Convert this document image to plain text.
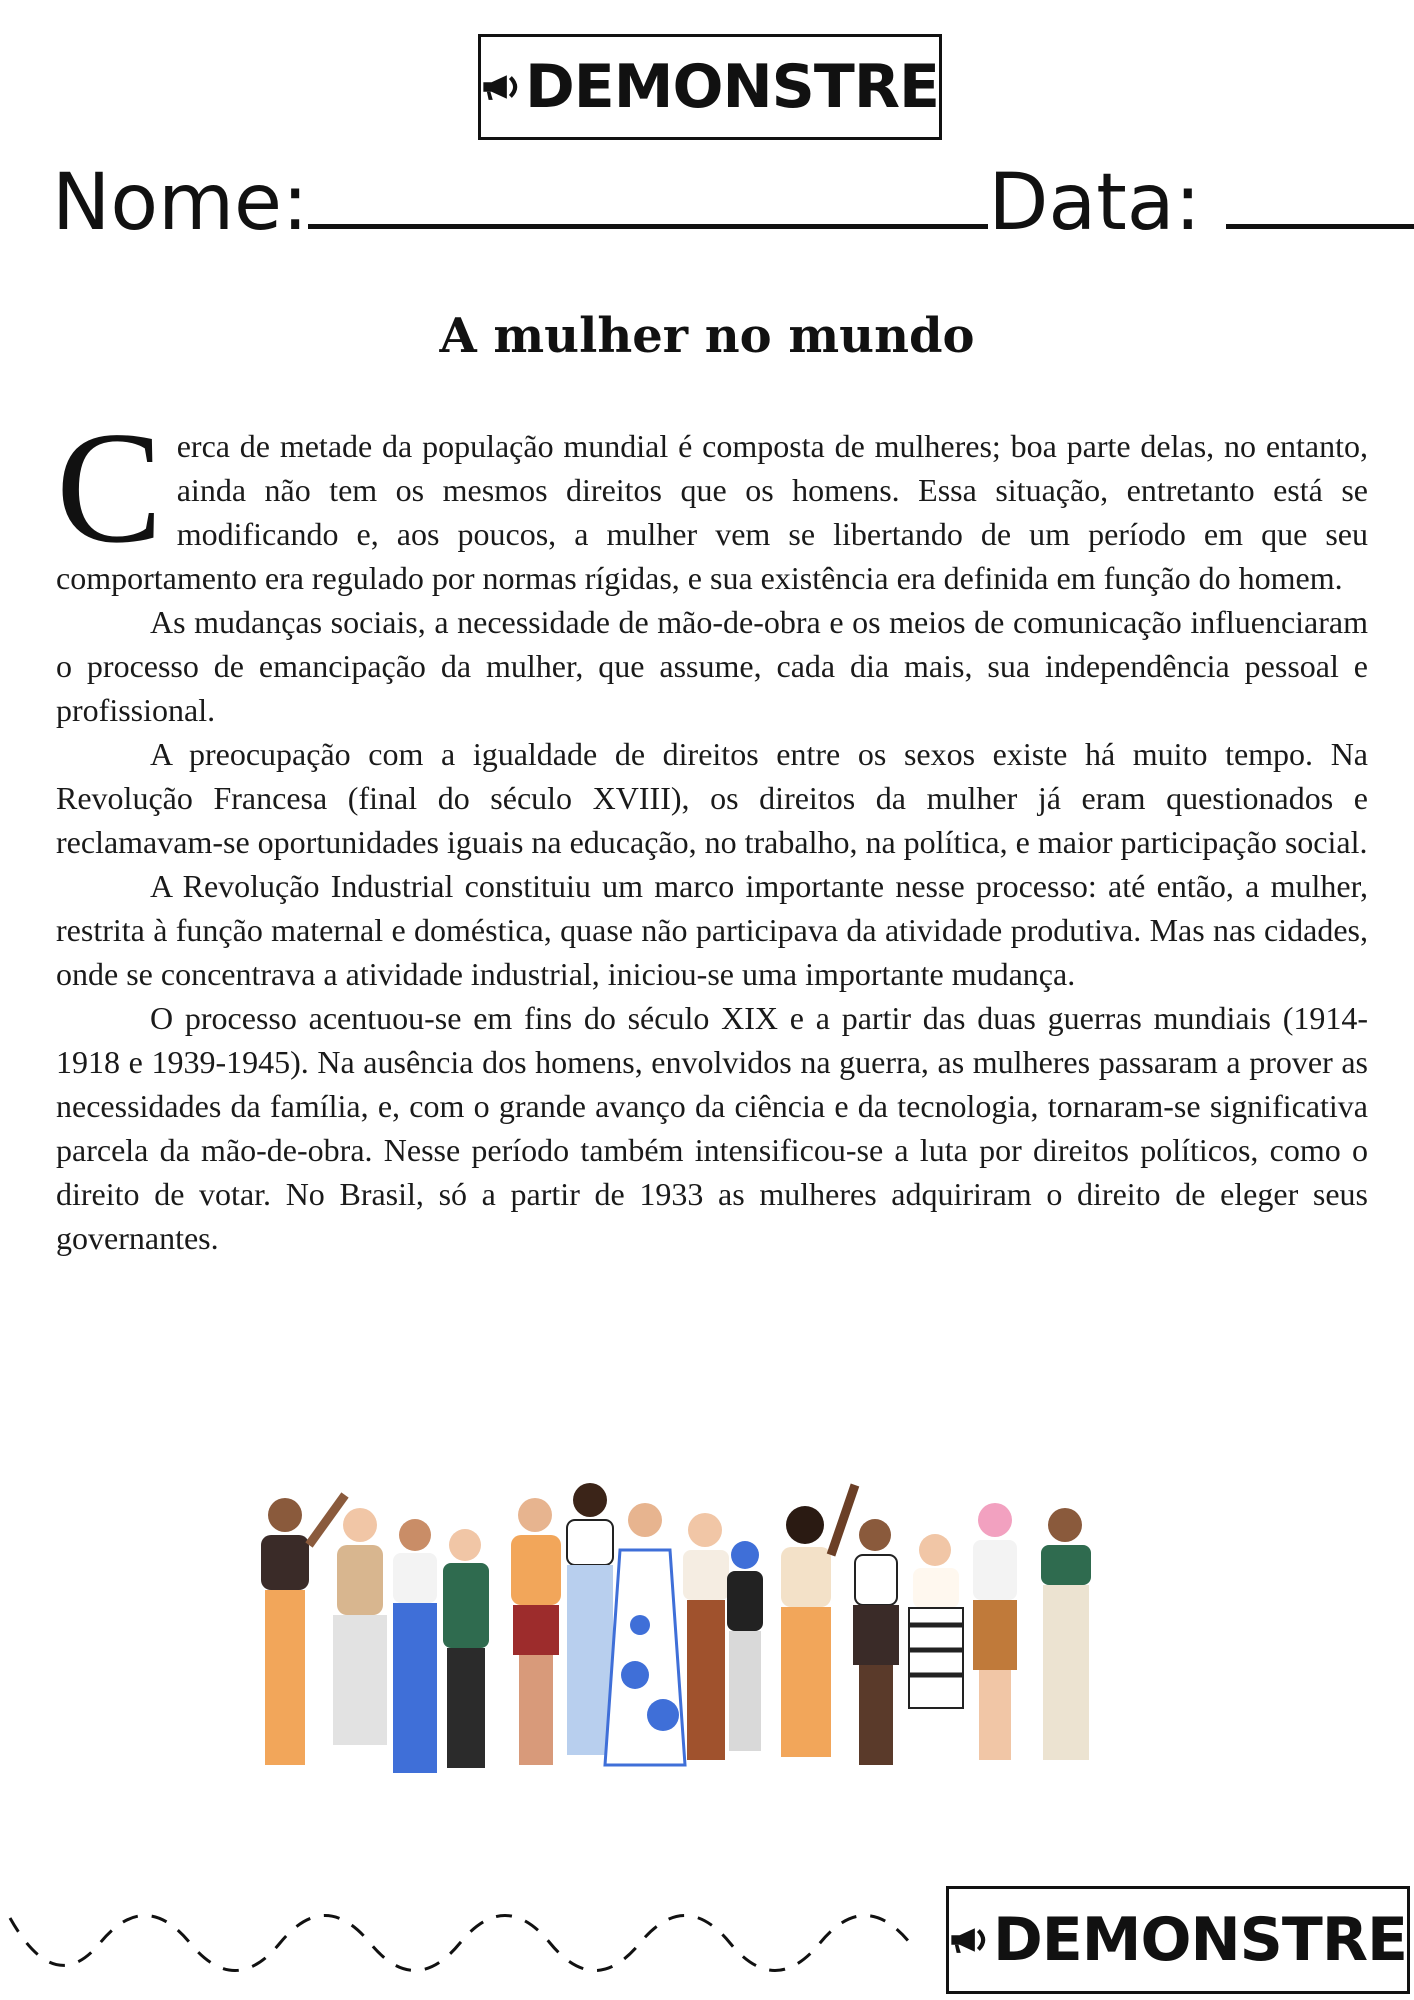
DEMONSTRE
Nome:	Data:
A mulher no mundo

Cerca de metade da população mundial é composta de mulheres; boa parte delas, no entanto, ainda não tem os mesmos direitos que os homens. Essa situação, entretanto está se modificando e, aos poucos, a mulher vem se libertando de um período em que seu comportamento era regulado por normas rígidas, e sua existência era definida em função do homem.

As mudanças sociais, a necessidade de mão-de-obra e os meios de comunicação influenciaram o processo de emancipação da mulher, que assume, cada dia mais, sua independência pessoal e profissional.

A preocupação com a igualdade de direitos entre os sexos existe há muito tempo. Na Revolução Francesa (final do século XVIII), os direitos da mulher já eram questionados e reclamavam-se oportunidades iguais na educação, no trabalho, na política, e maior participação social.

A Revolução Industrial constituiu um marco importante nesse processo: até então, a mulher, restrita à função maternal e doméstica, quase não participava da atividade produtiva. Mas nas cidades, onde se concentrava a atividade industrial, iniciou-se uma importante mudança.

O processo acentuou-se em fins do século XIX e a partir das duas guerras mundiais (1914-1918 e 1939-1945). Na ausência dos homens, envolvidos na guerra, as mulheres passaram a prover as necessidades da família, e, com o grande avanço da ciência e da tecnologia, tornaram-se significativa parcela da mão-de-obra. Nesse período também intensificou-se a luta por direitos políticos, como o direito de votar. No Brasil, só a partir de 1933 as mulheres adquiriram o direito de eleger seus governantes.

DEMONSTRE
